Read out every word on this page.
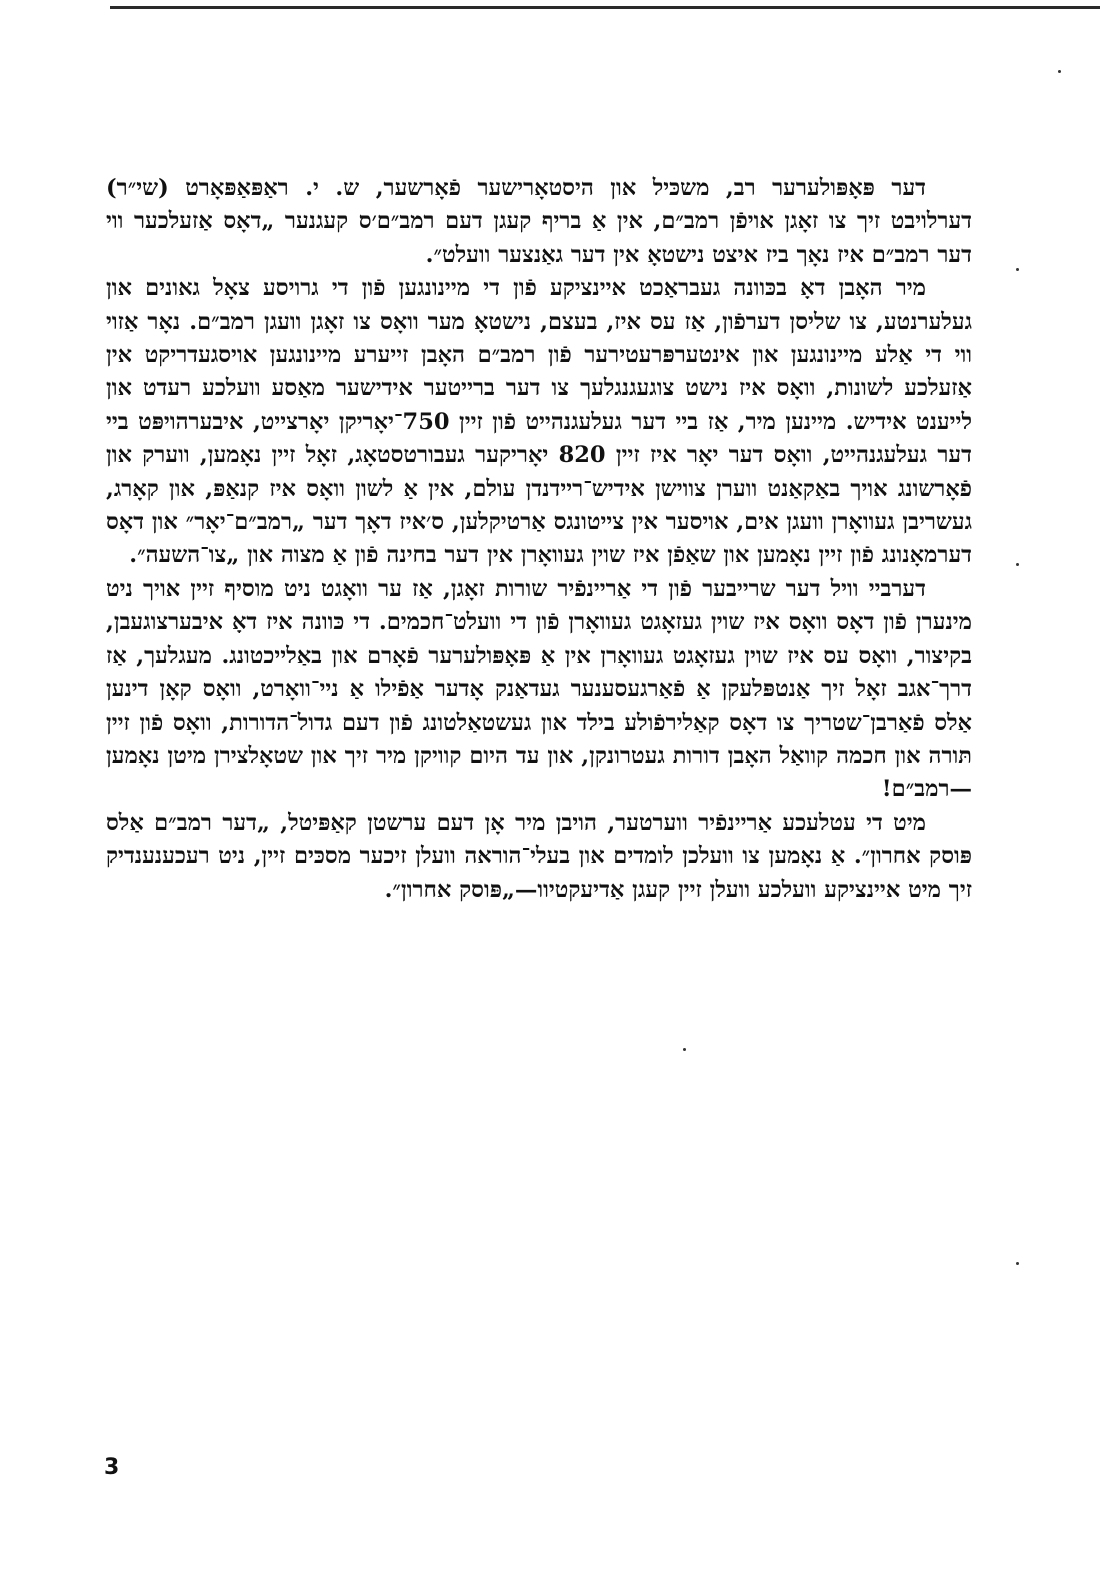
דער פּאָפּולערער רב, משכּיל און היסטאָרישער פֿאָרשער, ש. י. ראַפּאַפּאָרט (שי״ר) דערלויבט זיך צו זאָגן אויפֿן רמב״ם, אין אַ בריף קעגן דעם רמב״ם׳ס קעגנער „דאָס אַזעלכער ווי דער רמב״ם איז נאָך ביז איצט נישטאָ אין דער גאַנצער וועלט״.

מיר האָבן דאָ בכּוונה געבראַכט איינציקע פֿון די מיינונגען פֿון די גרויסע צאָל גאונים און געלערנטע, צו שליסן דערפֿון, אַז עס איז, בעצם, נישטאָ מער וואָס צו זאָגן וועגן רמב״ם. נאָר אַזוי ווי די אַלע מיינונגען און אינטערפּרעטירער פֿון רמב״ם האָבן זייערע מיינונגען אויסגעדריקט אין אַזעלכע לשונות, וואָס איז נישט צוגעגנגלעך צו דער ברייטער אידישער מאַסע וועלכע רעדט און לייענט אידיש. מיינען מיר, אַז ביי דער געלעגנהייט פֿון זיין 750־יאָריקן יאָרצייט, איבערהויפּט ביי דער געלעגנהייט, וואָס דער יאָר איז זיין 820 יאָריקער געבורטסטאָג, זאָל זיין נאָמען, ווערק און פֿאָרשונג אויך באַקאַנט ווערן צווישן אידיש־ריידנדן עולם, אין אַ לשון וואָס איז קנאַפּ, און קאָרג, געשריבן געוואָרן וועגן אים, אויסער אין צייטונגס אַרטיקלען, ס׳איז דאָך דער „רמב״ם־יאָר״ און דאָס דערמאָנונג פֿון זיין נאָמען און שאַפֿן איז שוין געוואָרן אין דער בחינה פֿון אַ מצוה און „צו־השעה״.

דערביי וויל דער שרייבער פֿון די אַריינפֿיר שורות זאָגן, אַז ער וואָגט ניט מוסיף זיין אויך ניט מינערן פֿון דאָס וואָס איז שוין געזאָגט געוואָרן פֿון די וועלט־חכמים. די כּוונה איז דאָ איבערצוגעבן, בקיצור, וואָס עס איז שוין געזאָגט געוואָרן אין אַ פּאָפּולערער פֿאָרם און באַלייכטונג. מעגלעך, אַז דרך־אגב זאָל זיך אַנטפּלעקן אַ פֿאַרגעסענער געדאַנק אָדער אַפֿילו אַ ניי־וואָרט, וואָס קאָן דינען אַלס פֿאַרבן־שטריך צו דאָס קאַלירפֿולע בילד און געשטאַלטונג פֿון דעם גדול־הדורות, וואָס פֿון זיין תּורה און חכמה קוואַל האָבן דורות געטרונקן, און עד היום קוויקן מיר זיך און שטאָלצירן מיטן נאָמען—רמב״ם!

מיט די עטלעכע אַריינפֿיר ווערטער, הויבן מיר אָן דעם ערשטן קאַפּיטל, „דער רמב״ם אַלס פּוסק אחרון״. אַ נאָמען צו וועלכן לומדים און בעלי־הוראה וועלן זיכער מסכּים זיין, ניט רעכענענדיק זיך מיט איינציקע וועלכע וועלן זיין קעגן אַדיעקטיוו—„פּוסק אחרון״.

3
